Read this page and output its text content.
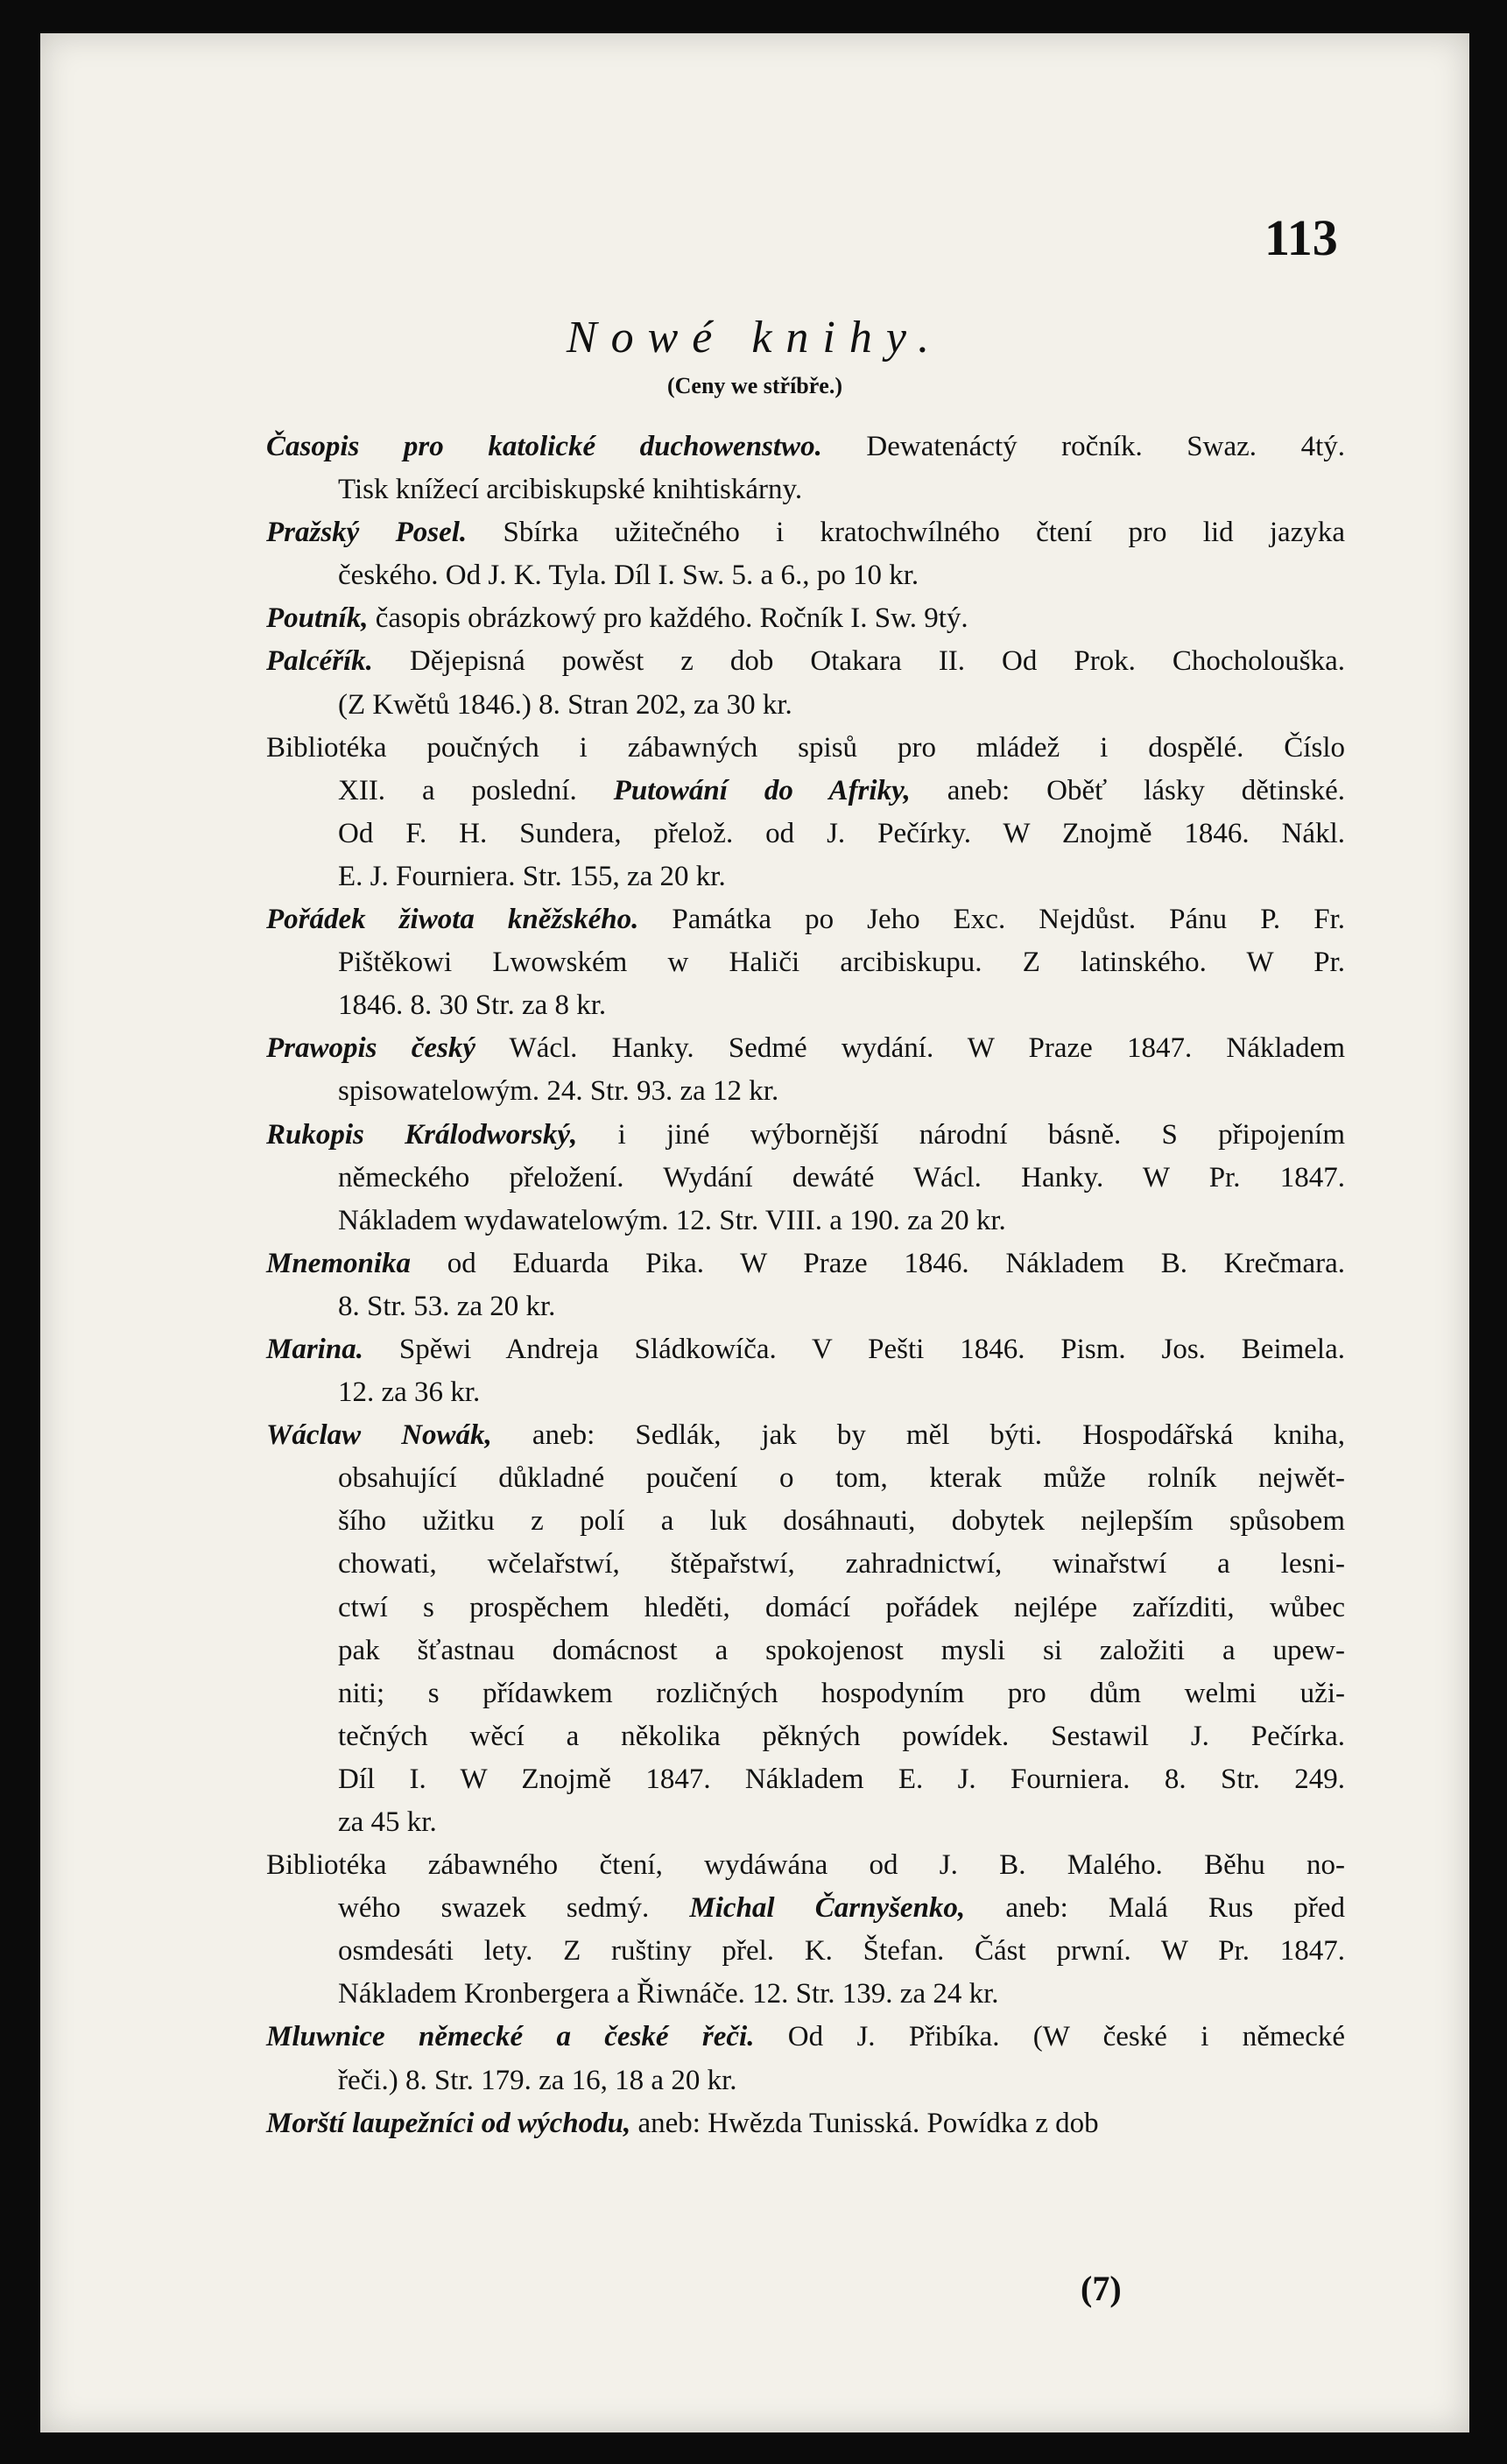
113
Nowé knihy.
(Ceny we stříbře.)
Časopis pro katolické duchowenstwo. Dewatenáctý ročník. Swaz. 4tý.
Tisk knížecí arcibiskupské knihtiskárny.
Pražský Posel. Sbírka užitečného i kratochwílného čtení pro lid jazyka
českého. Od J. K. Tyla. Díl I. Sw. 5. a 6., po 10 kr.
Poutník, časopis obrázkowý pro každého. Ročník I. Sw. 9tý.
Palcéřík. Dějepisná powěst z dob Otakara II. Od Prok. Chocholouška.
(Z Kwětů 1846.) 8. Stran 202, za 30 kr.
Bibliotéka poučných i zábawných spisů pro mládež i dospělé. Číslo
XII. a poslední. Putowání do Afriky, aneb: Oběť lásky dětinské.
Od F. H. Sundera, přelož. od J. Pečírky. W Znojmě 1846. Nákl.
E. J. Fourniera. Str. 155, za 20 kr.
Pořádek žiwota kněžského. Památka po Jeho Exc. Nejdůst. Pánu P. Fr.
Pištěkowi Lwowském w Haliči arcibiskupu. Z latinského. W Pr.
1846. 8. 30 Str. za 8 kr.
Prawopis český Wácl. Hanky. Sedmé wydání. W Praze 1847. Nákladem
spisowatelowým. 24. Str. 93. za 12 kr.
Rukopis Králodworský, i jiné wýbornější národní básně. S připojením
německého přeložení. Wydání dewáté Wácl. Hanky. W Pr. 1847.
Nákladem wydawatelowým. 12. Str. VIII. a 190. za 20 kr.
Mnemonika od Eduarda Pika. W Praze 1846. Nákladem B. Krečmara.
8. Str. 53. za 20 kr.
Marina. Spěwi Andreja Sládkowíča. V Pešti 1846. Pism. Jos. Beimela.
12. za 36 kr.
Wáclaw Nowák, aneb: Sedlák, jak by měl býti. Hospodářská kniha,
obsahující důkladné poučení o tom, kterak může rolník nejwět-
šího užitku z polí a luk dosáhnauti, dobytek nejlepším spůsobem
chowati, wčelařstwí, štěpařstwí, zahradnictwí, winařstwí a lesni-
ctwí s prospěchem hleděti, domácí pořádek nejlépe zařízditi, wůbec
pak šťastnau domácnost a spokojenost mysli si založiti a upew-
niti; s přídawkem rozličných hospodyním pro dům welmi uži-
tečných wěcí a několika pěkných powídek. Sestawil J. Pečírka.
Díl I. W Znojmě 1847. Nákladem E. J. Fourniera. 8. Str. 249.
za 45 kr.
Bibliotéka zábawného čtení, wydáwána od J. B. Malého. Běhu no-
wého swazek sedmý. Michal Čarnyšenko, aneb: Malá Rus před
osmdesáti lety. Z ruštiny přel. K. Štefan. Část prwní. W Pr. 1847.
Nákladem Kronbergera a Řiwnáče. 12. Str. 139. za 24 kr.
Mluwnice německé a české řeči. Od J. Přibíka. (W české i německé
řeči.) 8. Str. 179. za 16, 18 a 20 kr.
Morští laupežníci od wýchodu, aneb: Hwězda Tunisská. Powídka z dob
(7)
